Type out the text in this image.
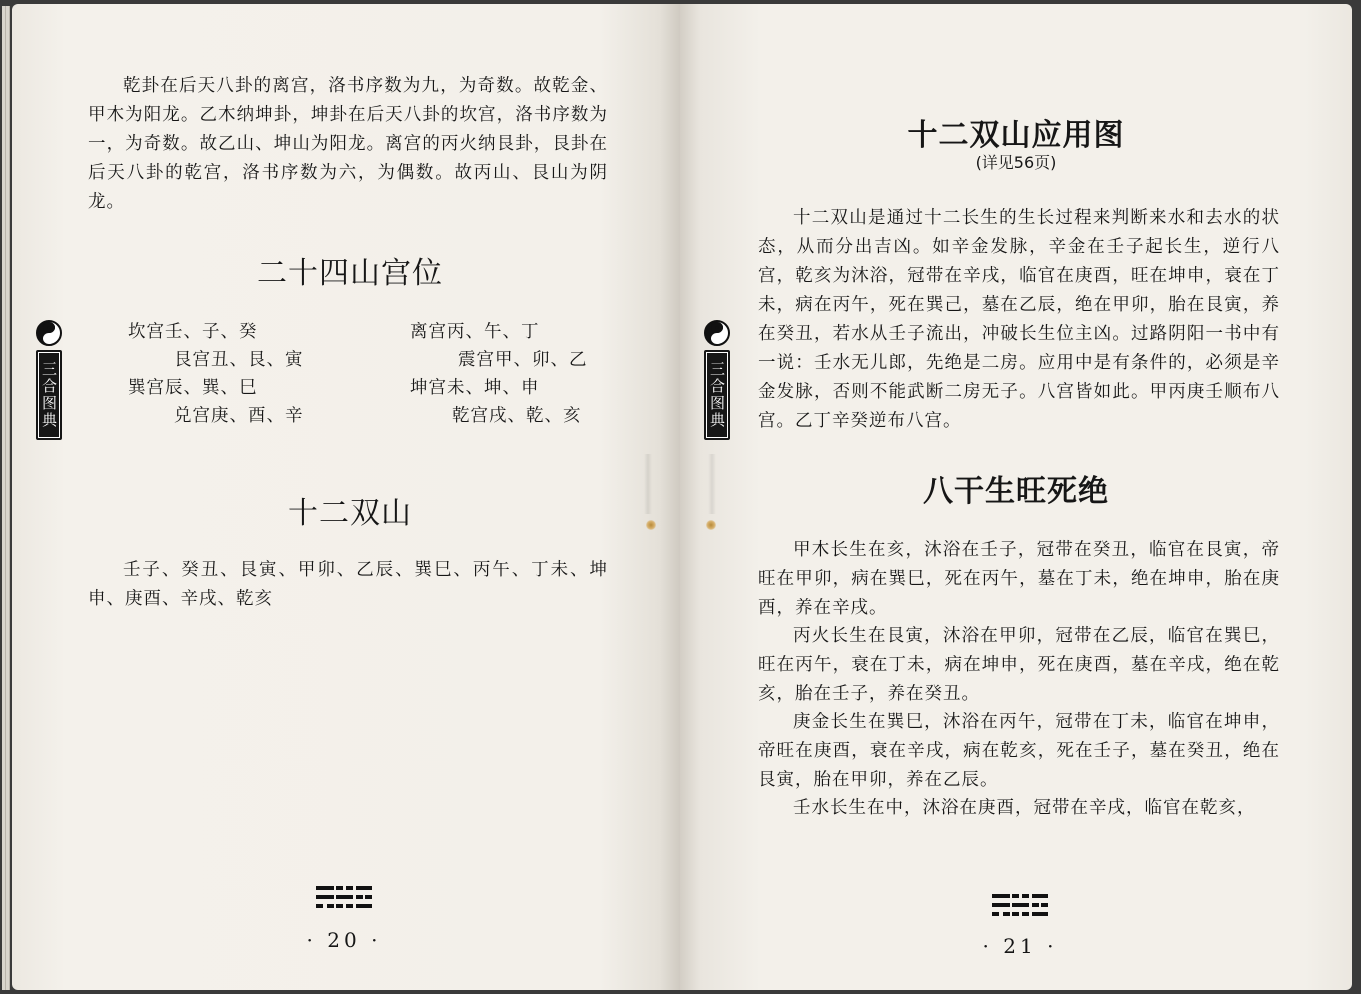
乾卦在后天八卦的离宫，洛书序数为九，为奇数。故乾金、甲木为阳龙。乙木纳坤卦，坤卦在后天八卦的坎宫，洛书序数为一，为奇数。故乙山、坤山为阳龙。离宫的丙火纳艮卦，艮卦在后天八卦的乾宫，洛书序数为六，为偶数。故丙山、艮山为阴龙。

二十四山宫位
坎宫壬、子、癸	离宫丙、午、丁
艮宫丑、艮、寅	震宫甲、卯、乙
巽宫辰、巽、巳	坤宫未、坤、申
兑宫庚、酉、辛	乾宫戌、乾、亥
十二双山

壬子、癸丑、艮寅、甲卯、乙辰、巽巳、丙午、丁未、坤申、庚酉、辛戌、乾亥

三合图典
· 20 ·
十二双山应用图
(详见56页)

十二双山是通过十二长生的生长过程来判断来水和去水的状态，从而分出吉凶。如辛金发脉，辛金在壬子起长生，逆行八宫，乾亥为沐浴，冠带在辛戌，临官在庚酉，旺在坤申，衰在丁未，病在丙午，死在巽己，墓在乙辰，绝在甲卯，胎在艮寅，养在癸丑，若水从壬子流出，冲破长生位主凶。过路阴阳一书中有一说：壬水无儿郎，先绝是二房。应用中是有条件的，必须是辛金发脉，否则不能武断二房无子。八宫皆如此。甲丙庚壬顺布八宫。乙丁辛癸逆布八宫。

八干生旺死绝

甲木长生在亥，沐浴在壬子，冠带在癸丑，临官在艮寅，帝旺在甲卯，病在巽巳，死在丙午，墓在丁未，绝在坤申，胎在庚酉，养在辛戌。

丙火长生在艮寅，沐浴在甲卯，冠带在乙辰，临官在巽巳，旺在丙午，衰在丁未，病在坤申，死在庚酉，墓在辛戌，绝在乾亥，胎在壬子，养在癸丑。

庚金长生在巽巳，沐浴在丙午，冠带在丁未，临官在坤申，帝旺在庚酉，衰在辛戌，病在乾亥，死在壬子，墓在癸丑，绝在艮寅，胎在甲卯，养在乙辰。

壬水长生在中，沐浴在庚酉，冠带在辛戌，临官在乾亥，

三合图典
· 21 ·
